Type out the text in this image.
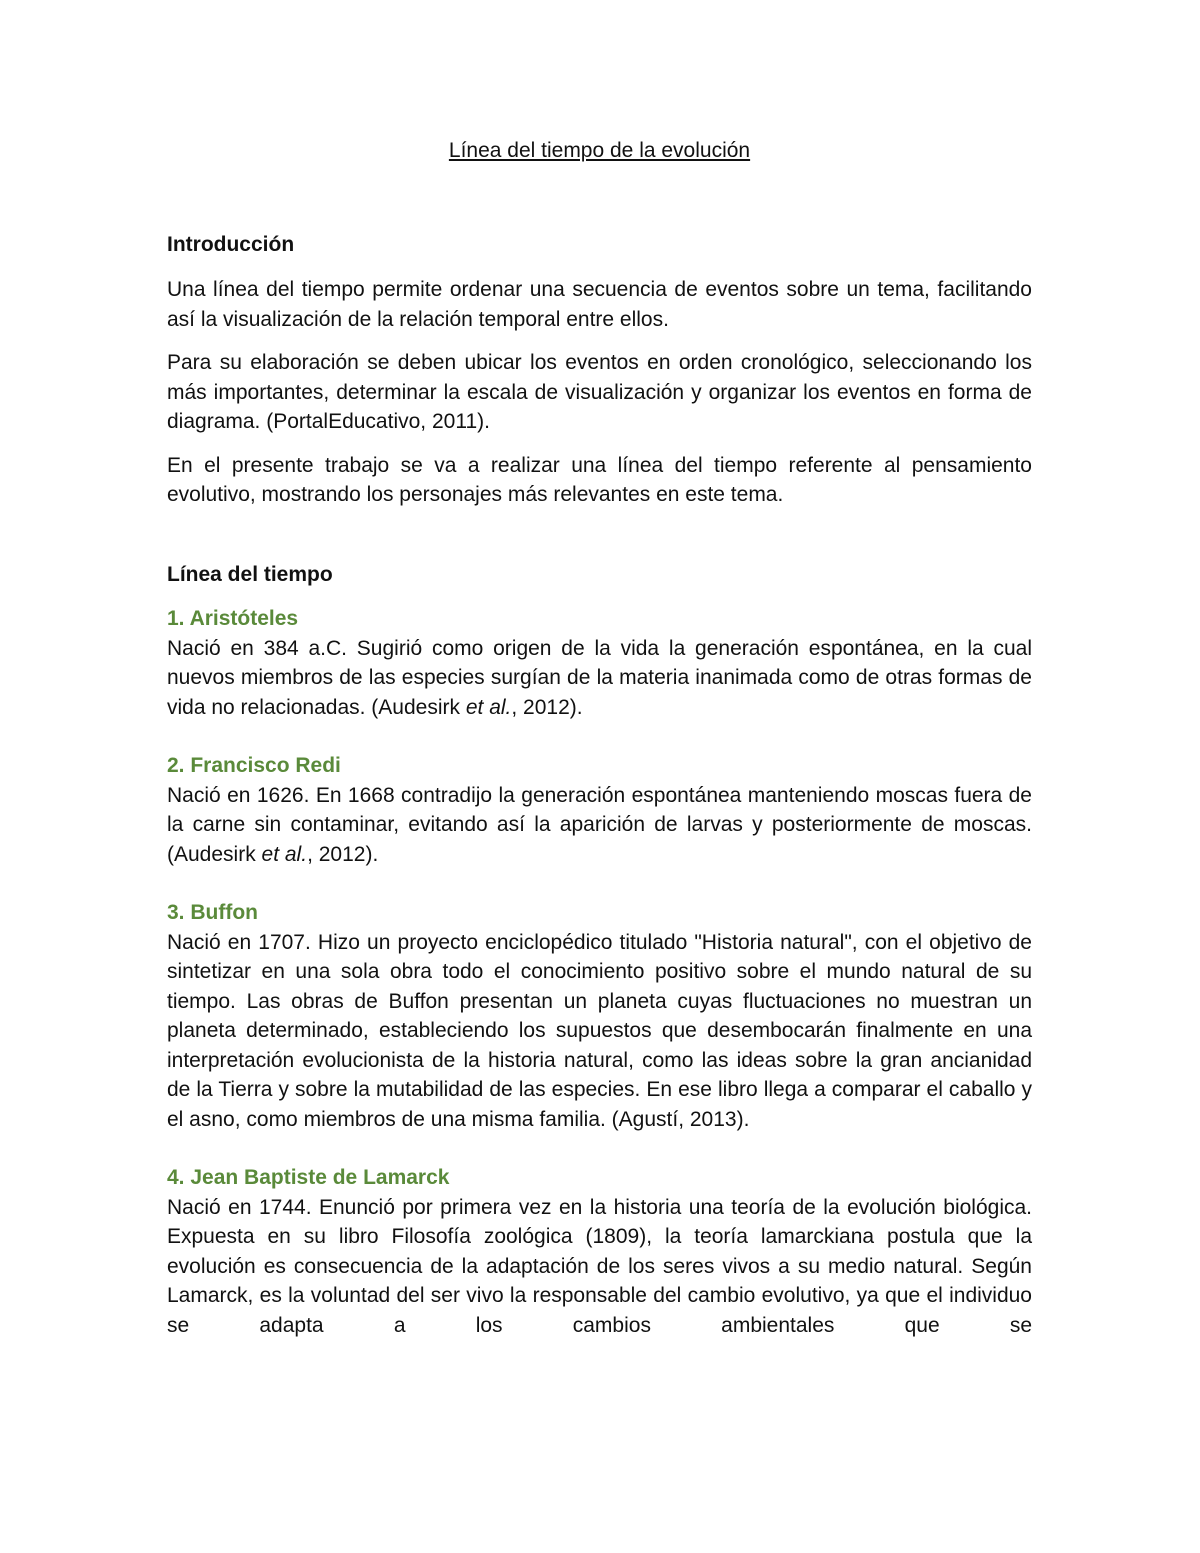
Línea del tiempo de la evolución

Introducción

Una línea del tiempo permite ordenar una secuencia de eventos sobre un tema, facilitando así la visualización de la relación temporal entre ellos.

Para su elaboración se deben ubicar los eventos en orden cronológico, seleccionando los más importantes, determinar la escala de visualización y organizar los eventos en forma de diagrama. (PortalEducativo, 2011).

En el presente trabajo se va a realizar una línea del tiempo referente al pensamiento evolutivo, mostrando los personajes más relevantes en este tema.

Línea del tiempo

1. Aristóteles

Nació en 384 a.C. Sugirió como origen de la vida la generación espontánea, en la cual nuevos miembros de las especies surgían de la materia inanimada como de otras formas de vida no relacionadas. (Audesirk et al., 2012).

2. Francisco Redi

Nació en 1626. En 1668 contradijo la generación espontánea manteniendo moscas fuera de la carne sin contaminar, evitando así la aparición de larvas y posteriormente de moscas. (Audesirk et al., 2012).

3. Buffon

Nació en 1707. Hizo un proyecto enciclopédico titulado "Historia natural", con el objetivo de sintetizar en una sola obra todo el conocimiento positivo sobre el mundo natural de su tiempo. Las obras de Buffon presentan un planeta cuyas fluctuaciones no muestran un planeta determinado, estableciendo los supuestos que desembocarán finalmente en una interpretación evolucionista de la historia natural, como las ideas sobre la gran ancianidad de la Tierra y sobre la mutabilidad de las especies. En ese libro llega a comparar el caballo y el asno, como miembros de una misma familia. (Agustí, 2013).

4. Jean Baptiste de Lamarck

Nació en 1744. Enunció por primera vez en la historia una teoría de la evolución biológica. Expuesta en su libro Filosofía zoológica (1809), la teoría lamarckiana postula que la evolución es consecuencia de la adaptación de los seres vivos a su medio natural. Según Lamarck, es la voluntad del ser vivo la responsable del cambio evolutivo, ya que el individuo se adapta a los cambios ambientales que se
